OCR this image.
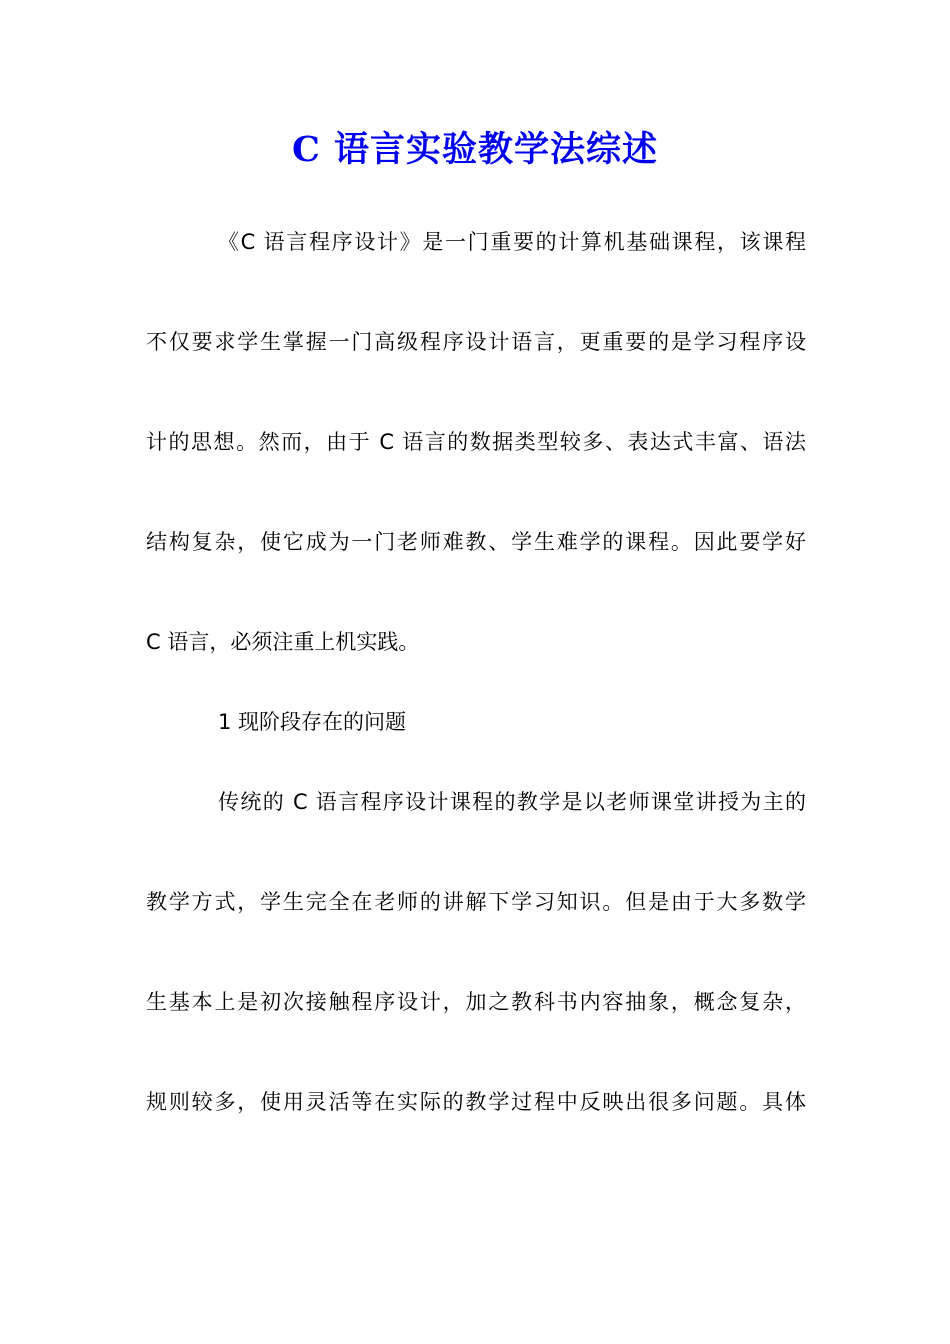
C 语言实验教学法综述

《C 语言程序设计》是一门重要的计算机基础课程，该课程

不仅要求学生掌握一门高级程序设计语言，更重要的是学习程序设

计的思想。然而，由于 C 语言的数据类型较多、表达式丰富、语法

结构复杂，使它成为一门老师难教、学生难学的课程。因此要学好

C 语言，必须注重上机实践。

1 现阶段存在的问题

传统的 C 语言程序设计课程的教学是以老师课堂讲授为主的

教学方式，学生完全在老师的讲解下学习知识。但是由于大多数学

生基本上是初次接触程序设计，加之教科书内容抽象，概念复杂，

规则较多，使用灵活等在实际的教学过程中反映出很多问题。具体
